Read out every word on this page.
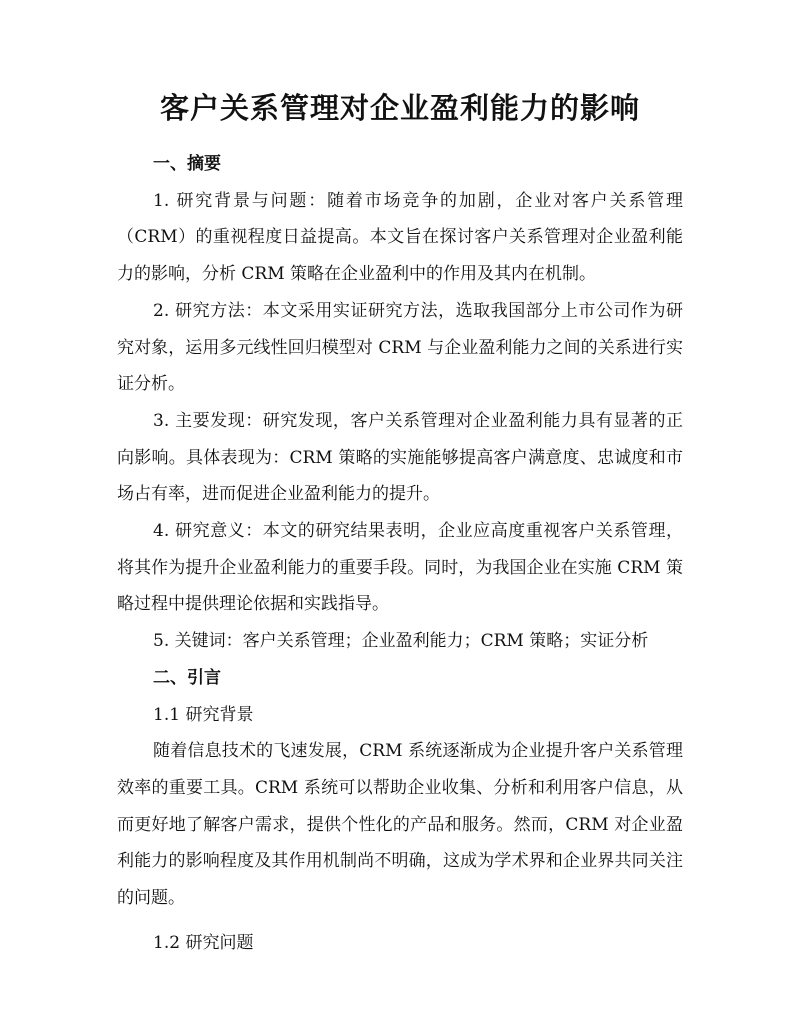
客户关系管理对企业盈利能力的影响

一、摘要

1. 研究背景与问题：随着市场竞争的加剧，企业对客户关系管理（CRM）的重视程度日益提高。本文旨在探讨客户关系管理对企业盈利能力的影响，分析 CRM 策略在企业盈利中的作用及其内在机制。

2. 研究方法：本文采用实证研究方法，选取我国部分上市公司作为研究对象，运用多元线性回归模型对 CRM 与企业盈利能力之间的关系进行实证分析。

3. 主要发现：研究发现，客户关系管理对企业盈利能力具有显著的正向影响。具体表现为：CRM 策略的实施能够提高客户满意度、忠诚度和市场占有率，进而促进企业盈利能力的提升。

4. 研究意义：本文的研究结果表明，企业应高度重视客户关系管理，将其作为提升企业盈利能力的重要手段。同时，为我国企业在实施 CRM 策略过程中提供理论依据和实践指导。

5. 关键词：客户关系管理；企业盈利能力；CRM 策略；实证分析

二、引言

1.1 研究背景

随着信息技术的飞速发展，CRM 系统逐渐成为企业提升客户关系管理效率的重要工具。CRM 系统可以帮助企业收集、分析和利用客户信息，从而更好地了解客户需求，提供个性化的产品和服务。然而，CRM 对企业盈利能力的影响程度及其作用机制尚不明确，这成为学术界和企业界共同关注的问题。

1.2 研究问题
